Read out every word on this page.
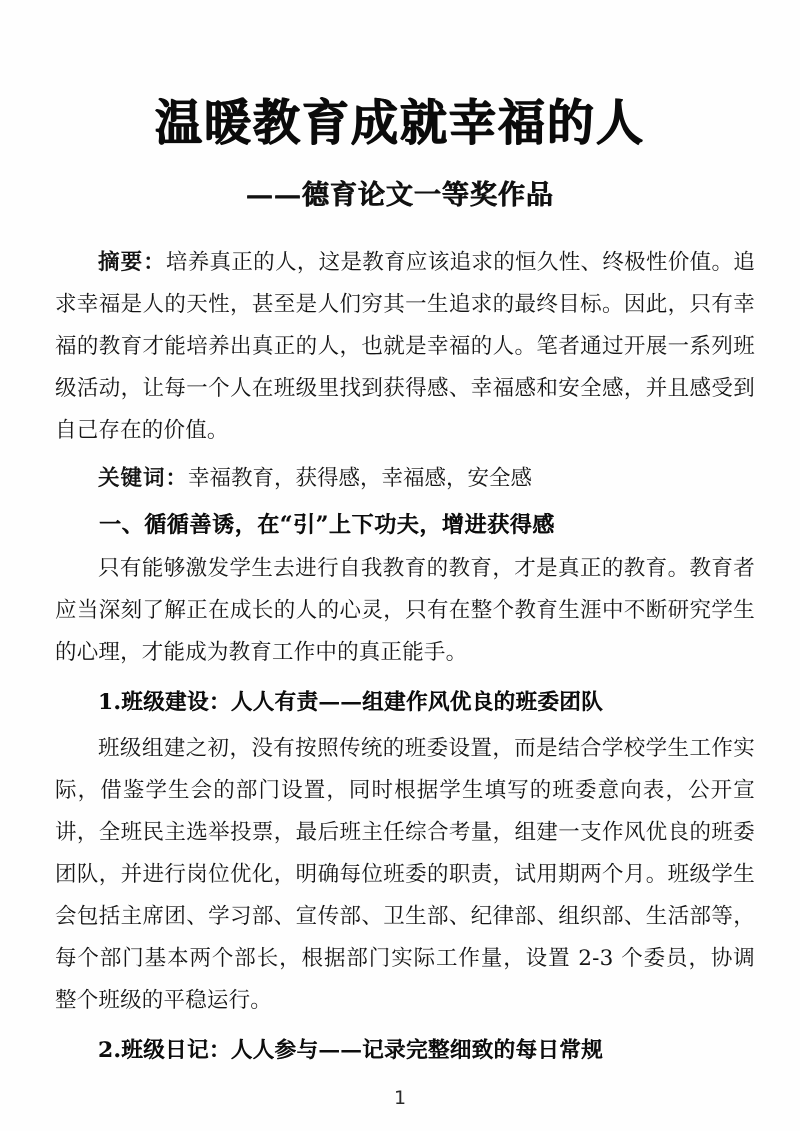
温暖教育成就幸福的人
——德育论文一等奖作品

摘要：培养真正的人，这是教育应该追求的恒久性、终极性价值。追求幸福是人的天性，甚至是人们穷其一生追求的最终目标。因此，只有幸福的教育才能培养出真正的人，也就是幸福的人。笔者通过开展一系列班级活动，让每一个人在班级里找到获得感、幸福感和安全感，并且感受到自己存在的价值。

关键词：幸福教育，获得感，幸福感，安全感

一、循循善诱，在“引”上下功夫，增进获得感

只有能够激发学生去进行自我教育的教育，才是真正的教育。教育者应当深刻了解正在成长的人的心灵，只有在整个教育生涯中不断研究学生的心理，才能成为教育工作中的真正能手。

1.班级建设：人人有责——组建作风优良的班委团队

班级组建之初，没有按照传统的班委设置，而是结合学校学生工作实际，借鉴学生会的部门设置，同时根据学生填写的班委意向表，公开宣讲，全班民主选举投票，最后班主任综合考量，组建一支作风优良的班委团队，并进行岗位优化，明确每位班委的职责，试用期两个月。班级学生会包括主席团、学习部、宣传部、卫生部、纪律部、组织部、生活部等，每个部门基本两个部长，根据部门实际工作量，设置 2-3 个委员，协调整个班级的平稳运行。

2.班级日记：人人参与——记录完整细致的每日常规
1
